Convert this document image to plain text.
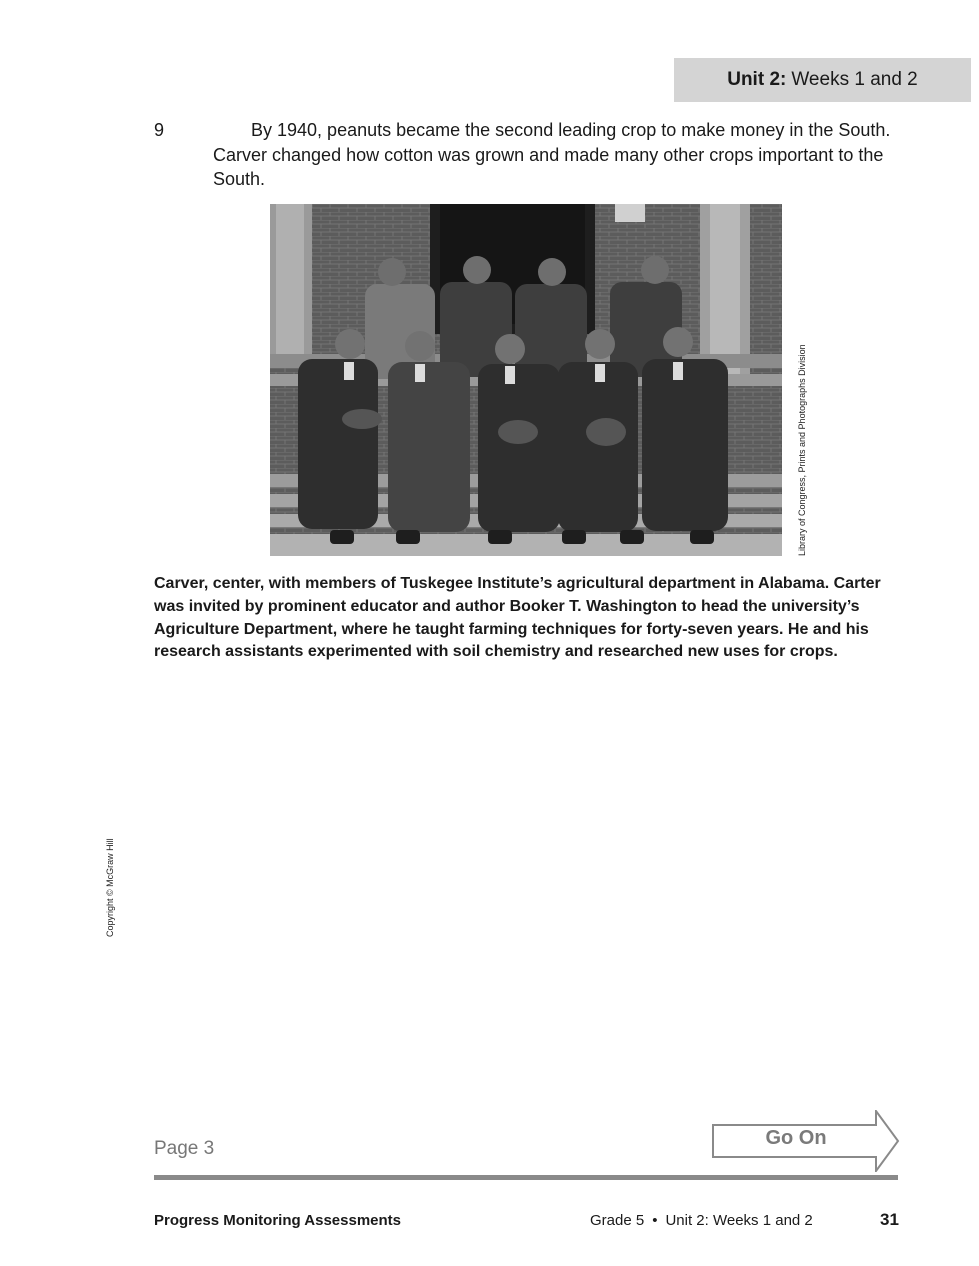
Unit 2: Weeks 1 and 2
9	By 1940, peanuts became the second leading crop to make money in the South. Carver changed how cotton was grown and made many other crops important to the South.

Library of Congress, Prints and Photographs Division

Carver, center, with members of Tuskegee Institute’s agricultural department in Alabama. Carter was invited by prominent educator and author Booker T. Washington to head the university’s Agriculture Department, where he taught farming techniques for forty-seven years. He and his research assistants experimented with soil chemistry and researched new uses for crops.

Copyright © McGraw Hill
Page 3	Go On
Progress Monitoring Assessments	Grade 5 • Unit 2: Weeks 1 and 2	31
